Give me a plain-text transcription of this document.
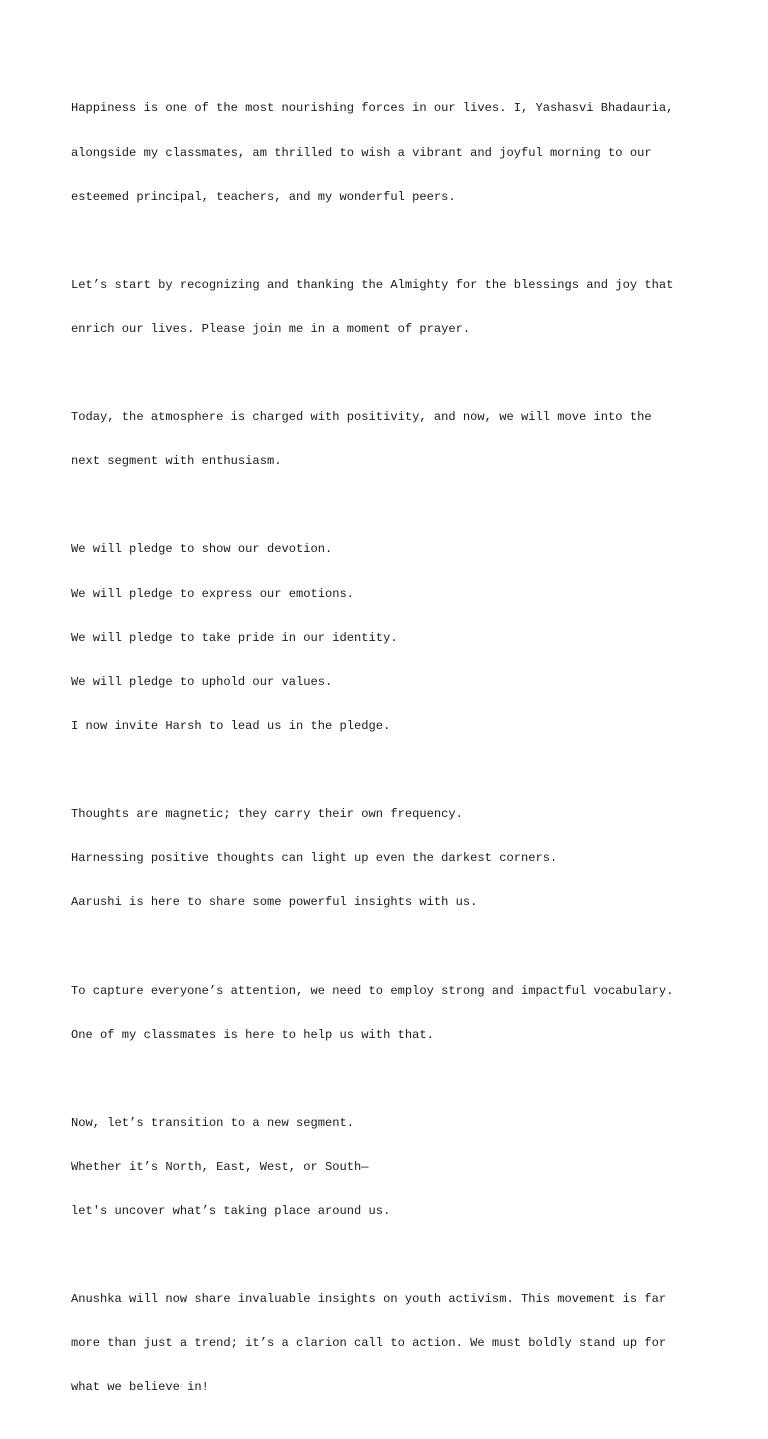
Happiness is one of the most nourishing forces in our lives. I, Yashasvi Bhadauria,

alongside my classmates, am thrilled to wish a vibrant and joyful morning to our

esteemed principal, teachers, and my wonderful peers.

Let’s start by recognizing and thanking the Almighty for the blessings and joy that

enrich our lives. Please join me in a moment of prayer.

Today, the atmosphere is charged with positivity, and now, we will move into the

next segment with enthusiasm.

We will pledge to show our devotion.

We will pledge to express our emotions.

We will pledge to take pride in our identity.

We will pledge to uphold our values.

I now invite Harsh to lead us in the pledge.

Thoughts are magnetic; they carry their own frequency.

Harnessing positive thoughts can light up even the darkest corners.

Aarushi is here to share some powerful insights with us.

To capture everyone’s attention, we need to employ strong and impactful vocabulary.

One of my classmates is here to help us with that.

Now, let’s transition to a new segment.

Whether it’s North, East, West, or South—

let's uncover what’s taking place around us.

Anushka will now share invaluable insights on youth activism. This movement is far

more than just a trend; it’s a clarion call to action. We must boldly stand up for

what we believe in!
